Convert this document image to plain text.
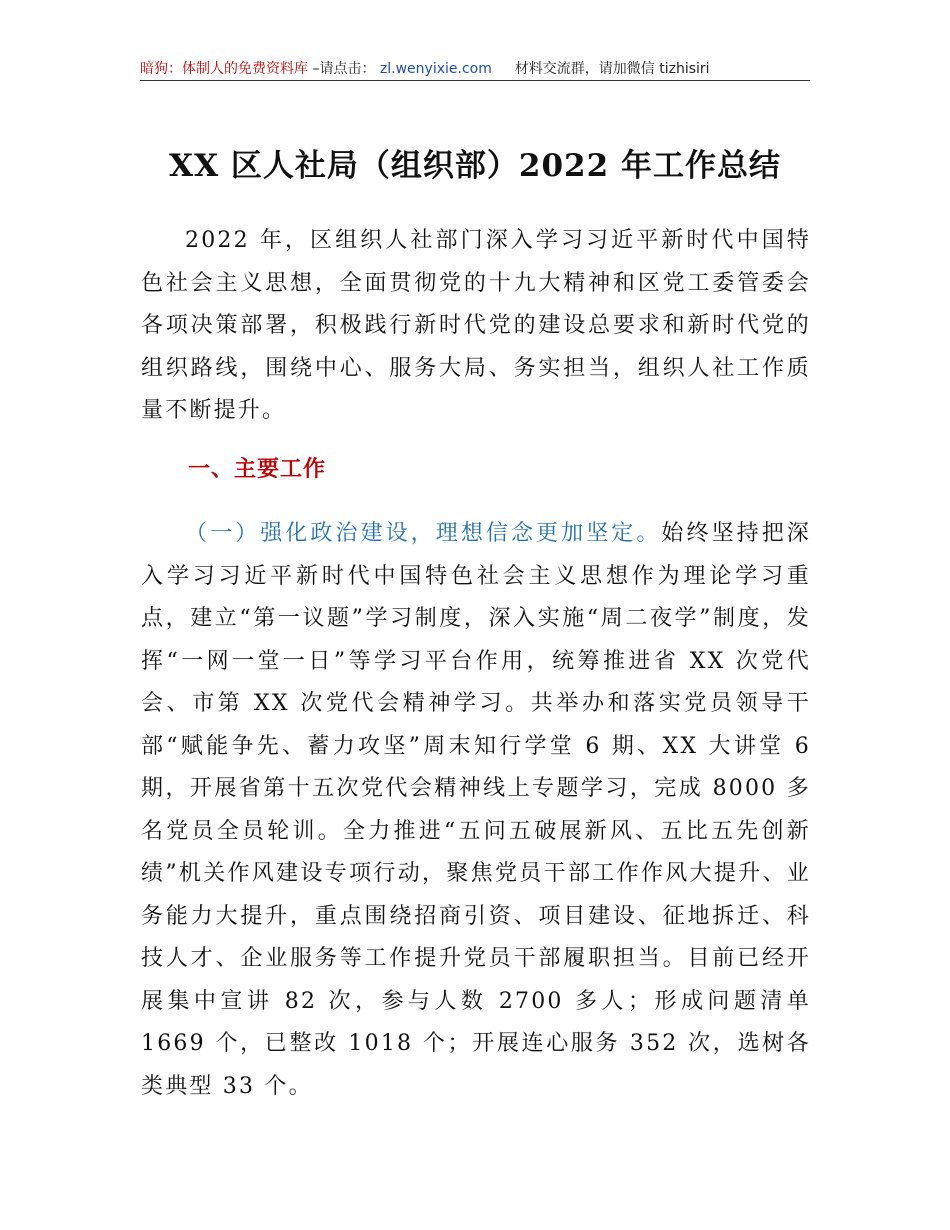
暗狗：体制人的免费资料库 –请点击： zl.wenyixie.com 材料交流群，请加微信 tizhisiri
XX 区人社局（组织部）2022 年工作总结
2022 年，区组织人社部门深入学习习近平新时代中国特色社会主义思想，全面贯彻党的十九大精神和区党工委管委会各项决策部署，积极践行新时代党的建设总要求和新时代党的组织路线，围绕中心、服务大局、务实担当，组织人社工作质量不断提升。
一、主要工作
（一）强化政治建设，理想信念更加坚定。始终坚持把深入学习习近平新时代中国特色社会主义思想作为理论学习重点，建立“第一议题”学习制度，深入实施“周二夜学”制度，发挥“一网一堂一日”等学习平台作用，统筹推进省 XX 次党代会、市第 XX 次党代会精神学习。共举办和落实党员领导干部“赋能争先、蓄力攻坚”周末知行学堂 6 期、XX 大讲堂 6 期，开展省第十五次党代会精神线上专题学习，完成 8000 多名党员全员轮训。全力推进“五问五破展新风、五比五先创新绩”机关作风建设专项行动，聚焦党员干部工作作风大提升、业务能力大提升，重点围绕招商引资、项目建设、征地拆迁、科技人才、企业服务等工作提升党员干部履职担当。目前已经开展集中宣讲 82 次，参与人数 2700 多人；形成问题清单 1669 个，已整改 1018 个；开展连心服务 352 次，选树各类典型 33 个。
